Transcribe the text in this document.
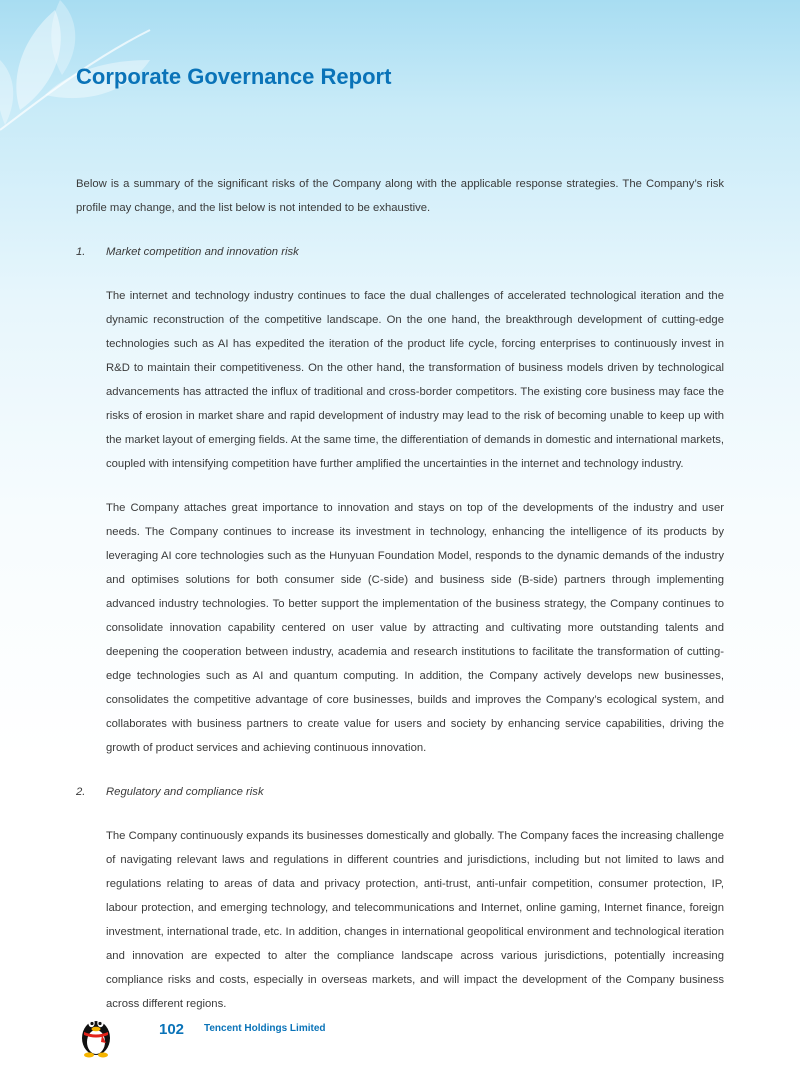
Corporate Governance Report

Below is a summary of the significant risks of the Company along with the applicable response strategies. The Company’s risk profile may change, and the list below is not intended to be exhaustive.

1.	Market competition and innovation risk

The internet and technology industry continues to face the dual challenges of accelerated technological iteration and the dynamic reconstruction of the competitive landscape. On the one hand, the breakthrough development of cutting-edge technologies such as AI has expedited the iteration of the product life cycle, forcing enterprises to continuously invest in R&D to maintain their competitiveness. On the other hand, the transformation of business models driven by technological advancements has attracted the influx of traditional and cross-border competitors. The existing core business may face the risks of erosion in market share and rapid development of industry may lead to the risk of becoming unable to keep up with the market layout of emerging fields. At the same time, the differentiation of demands in domestic and international markets, coupled with intensifying competition have further amplified the uncertainties in the internet and technology industry.

The Company attaches great importance to innovation and stays on top of the developments of the industry and user needs. The Company continues to increase its investment in technology, enhancing the intelligence of its products by leveraging AI core technologies such as the Hunyuan Foundation Model, responds to the dynamic demands of the industry and optimises solutions for both consumer side (C-side) and business side (B-side) partners through implementing advanced industry technologies. To better support the implementation of the business strategy, the Company continues to consolidate innovation capability centered on user value by attracting and cultivating more outstanding talents and deepening the cooperation between industry, academia and research institutions to facilitate the transformation of cutting-edge technologies such as AI and quantum computing. In addition, the Company actively develops new businesses, consolidates the competitive advantage of core businesses, builds and improves the Company’s ecological system, and collaborates with business partners to create value for users and society by enhancing service capabilities, driving the growth of product services and achieving continuous innovation.

2.	Regulatory and compliance risk

The Company continuously expands its businesses domestically and globally. The Company faces the increasing challenge of navigating relevant laws and regulations in different countries and jurisdictions, including but not limited to laws and regulations relating to areas of data and privacy protection, anti-trust, anti-unfair competition, consumer protection, IP, labour protection, and emerging technology, and telecommunications and Internet, online gaming, Internet finance, foreign investment, international trade, etc. In addition, changes in international geopolitical environment and technological iteration and innovation are expected to alter the compliance landscape across various jurisdictions, potentially increasing compliance risks and costs, especially in overseas markets, and will impact the development of the Company business across different regions.

102 Tencent Holdings Limited
